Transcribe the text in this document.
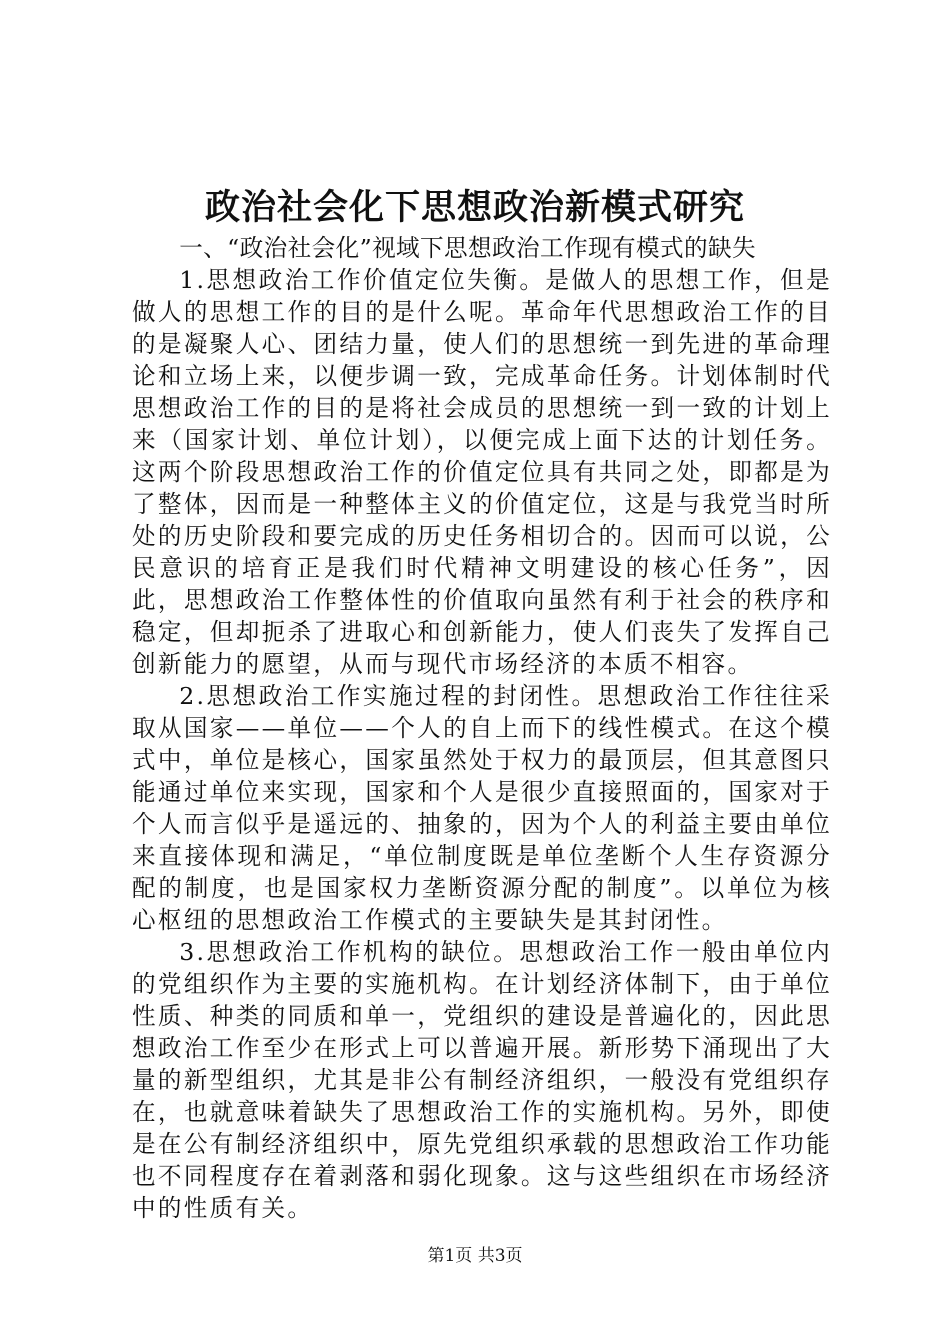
政治社会化下思想政治新模式研究

一、“政治社会化”视域下思想政治工作现有模式的缺失

1.思想政治工作价值定位失衡。是做人的思想工作，但是做人的思想工作的目的是什么呢。革命年代思想政治工作的目的是凝聚人心、团结力量，使人们的思想统一到先进的革命理论和立场上来，以便步调一致，完成革命任务。计划体制时代思想政治工作的目的是将社会成员的思想统一到一致的计划上来（国家计划、单位计划），以便完成上面下达的计划任务。这两个阶段思想政治工作的价值定位具有共同之处，即都是为了整体，因而是一种整体主义的价值定位，这是与我党当时所处的历史阶段和要完成的历史任务相切合的。因而可以说，公民意识的培育正是我们时代精神文明建设的核心任务”，因此，思想政治工作整体性的价值取向虽然有利于社会的秩序和稳定，但却扼杀了进取心和创新能力，使人们丧失了发挥自己创新能力的愿望，从而与现代市场经济的本质不相容。

2.思想政治工作实施过程的封闭性。思想政治工作往往采取从国家——单位——个人的自上而下的线性模式。在这个模式中，单位是核心，国家虽然处于权力的最顶层，但其意图只能通过单位来实现，国家和个人是很少直接照面的，国家对于个人而言似乎是遥远的、抽象的，因为个人的利益主要由单位来直接体现和满足，“单位制度既是单位垄断个人生存资源分配的制度，也是国家权力垄断资源分配的制度”。以单位为核心枢纽的思想政治工作模式的主要缺失是其封闭性。

3.思想政治工作机构的缺位。思想政治工作一般由单位内的党组织作为主要的实施机构。在计划经济体制下，由于单位性质、种类的同质和单一，党组织的建设是普遍化的，因此思想政治工作至少在形式上可以普遍开展。新形势下涌现出了大量的新型组织，尤其是非公有制经济组织，一般没有党组织存在，也就意味着缺失了思想政治工作的实施机构。另外，即使是在公有制经济组织中，原先党组织承载的思想政治工作功能也不同程度存在着剥落和弱化现象。这与这些组织在市场经济中的性质有关。

第1页 共3页
